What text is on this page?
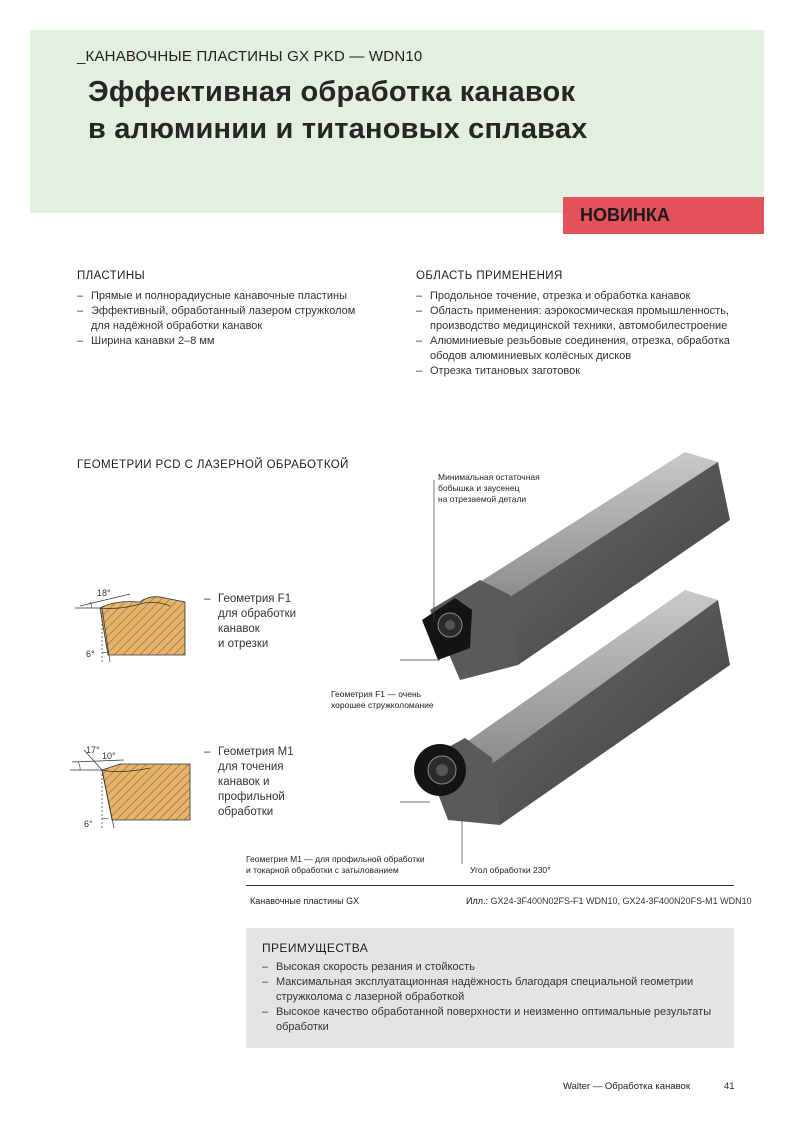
_КАНАВОЧНЫЕ ПЛАСТИНЫ GX PKD — WDN10
Эффективная обработка канавок
в алюминии и титановых сплавах
НОВИНКА
ПЛАСТИНЫ
– Прямые и полнорадиусные канавочные пластины
– Эффективный, обработанный лазером стружколом для надёжной обработки канавок
– Ширина канавки 2–8 мм
ОБЛАСТЬ ПРИМЕНЕНИЯ
– Продольное точение, отрезка и обработка канавок
– Область применения: аэрокосмическая промышленность, производство медицинской техники, автомобилестроение
– Алюминиевые резьбовые соединения, отрезка, обработка ободов алюминиевых колёсных дисков
– Отрезка титановых заготовок
ГЕОМЕТРИИ PCD С ЛАЗЕРНОЙ ОБРАБОТКОЙ
18°
6°
– Геометрия F1
для обработки
канавок
и отрезки
17°
10°
6°
– Геометрия M1
для точения
канавок и
профильной
обработки
Минимальная остаточная
бобышка и заусенец
на отрезаемой детали
Геометрия F1 — очень
хорошее стружколомание
Геометрия M1 — для профильной обработки
и токарной обработки с затылованием	Угол обработки 230°
Канавочные пластины GX	Илл.: GX24-3F400N02FS-F1 WDN10, GX24-3F400N20FS-M1 WDN10
ПРЕИМУЩЕСТВА
– Высокая скорость резания и стойкость
– Максимальная эксплуатационная надёжность благодаря специальной геометрии стружколома с лазерной обработкой
– Высокое качество обработанной поверхности и неизменно оптимальные результаты обработки
Walter — Обработка канавок	41
